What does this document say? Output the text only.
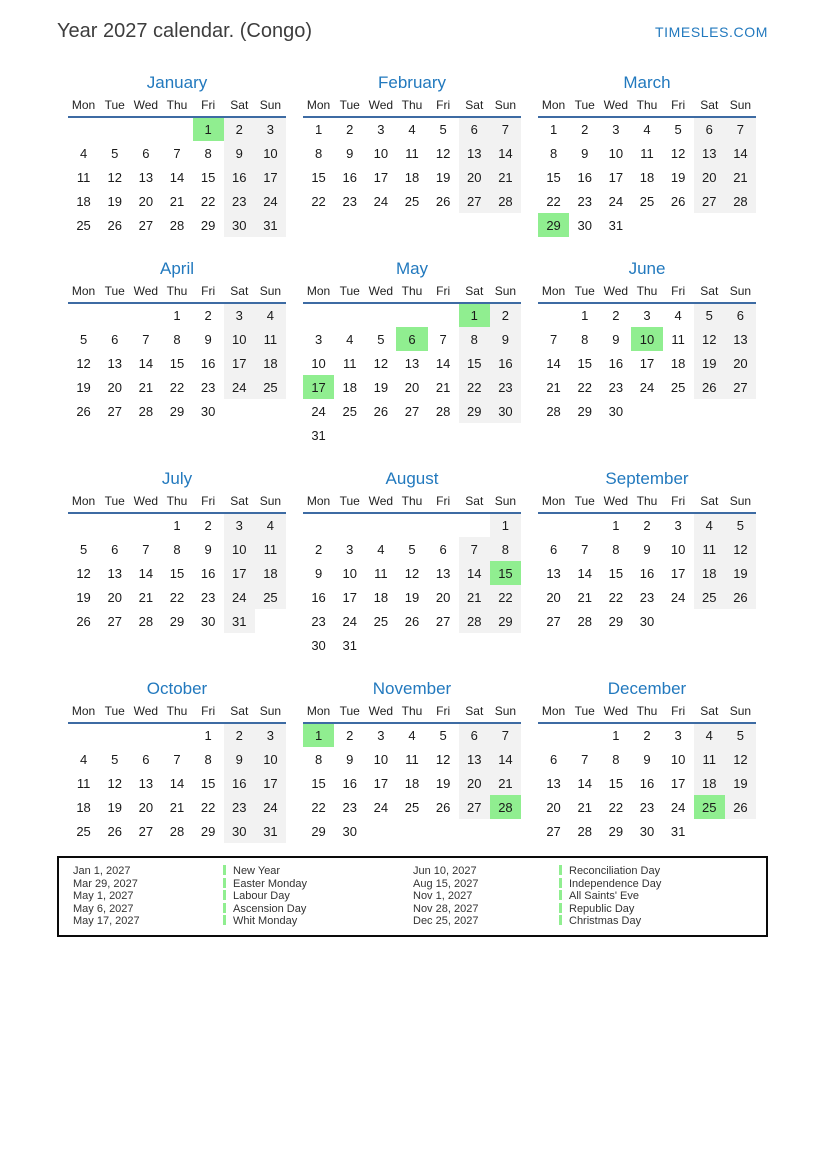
Year 2027 calendar. (Congo)	TIMESLES.COM
January
Mon	Tue	Wed	Thu	Fri	Sat	Sun
				1	2	3
4	5	6	7	8	9	10
11	12	13	14	15	16	17
18	19	20	21	22	23	24
25	26	27	28	29	30	31
February
Mon	Tue	Wed	Thu	Fri	Sat	Sun
1	2	3	4	5	6	7
8	9	10	11	12	13	14
15	16	17	18	19	20	21
22	23	24	25	26	27	28
March
Mon	Tue	Wed	Thu	Fri	Sat	Sun
1	2	3	4	5	6	7
8	9	10	11	12	13	14
15	16	17	18	19	20	21
22	23	24	25	26	27	28
29	30	31				
April
Mon	Tue	Wed	Thu	Fri	Sat	Sun
			1	2	3	4
5	6	7	8	9	10	11
12	13	14	15	16	17	18
19	20	21	22	23	24	25
26	27	28	29	30		
May
Mon	Tue	Wed	Thu	Fri	Sat	Sun
					1	2
3	4	5	6	7	8	9
10	11	12	13	14	15	16
17	18	19	20	21	22	23
24	25	26	27	28	29	30
31						
June
Mon	Tue	Wed	Thu	Fri	Sat	Sun
	1	2	3	4	5	6
7	8	9	10	11	12	13
14	15	16	17	18	19	20
21	22	23	24	25	26	27
28	29	30				
July
Mon	Tue	Wed	Thu	Fri	Sat	Sun
			1	2	3	4
5	6	7	8	9	10	11
12	13	14	15	16	17	18
19	20	21	22	23	24	25
26	27	28	29	30	31	
August
Mon	Tue	Wed	Thu	Fri	Sat	Sun
						1
2	3	4	5	6	7	8
9	10	11	12	13	14	15
16	17	18	19	20	21	22
23	24	25	26	27	28	29
30	31					
September
Mon	Tue	Wed	Thu	Fri	Sat	Sun
		1	2	3	4	5
6	7	8	9	10	11	12
13	14	15	16	17	18	19
20	21	22	23	24	25	26
27	28	29	30			
October
Mon	Tue	Wed	Thu	Fri	Sat	Sun
				1	2	3
4	5	6	7	8	9	10
11	12	13	14	15	16	17
18	19	20	21	22	23	24
25	26	27	28	29	30	31
November
Mon	Tue	Wed	Thu	Fri	Sat	Sun
1	2	3	4	5	6	7
8	9	10	11	12	13	14
15	16	17	18	19	20	21
22	23	24	25	26	27	28
29	30					
December
Mon	Tue	Wed	Thu	Fri	Sat	Sun
		1	2	3	4	5
6	7	8	9	10	11	12
13	14	15	16	17	18	19
20	21	22	23	24	25	26
27	28	29	30	31		
Jan 1, 2027	New Year	Jun 10, 2027	Reconciliation Day
Mar 29, 2027	Easter Monday	Aug 15, 2027	Independence Day
May 1, 2027	Labour Day	Nov 1, 2027	All Saints' Eve
May 6, 2027	Ascension Day	Nov 28, 2027	Republic Day
May 17, 2027	Whit Monday	Dec 25, 2027	Christmas Day
